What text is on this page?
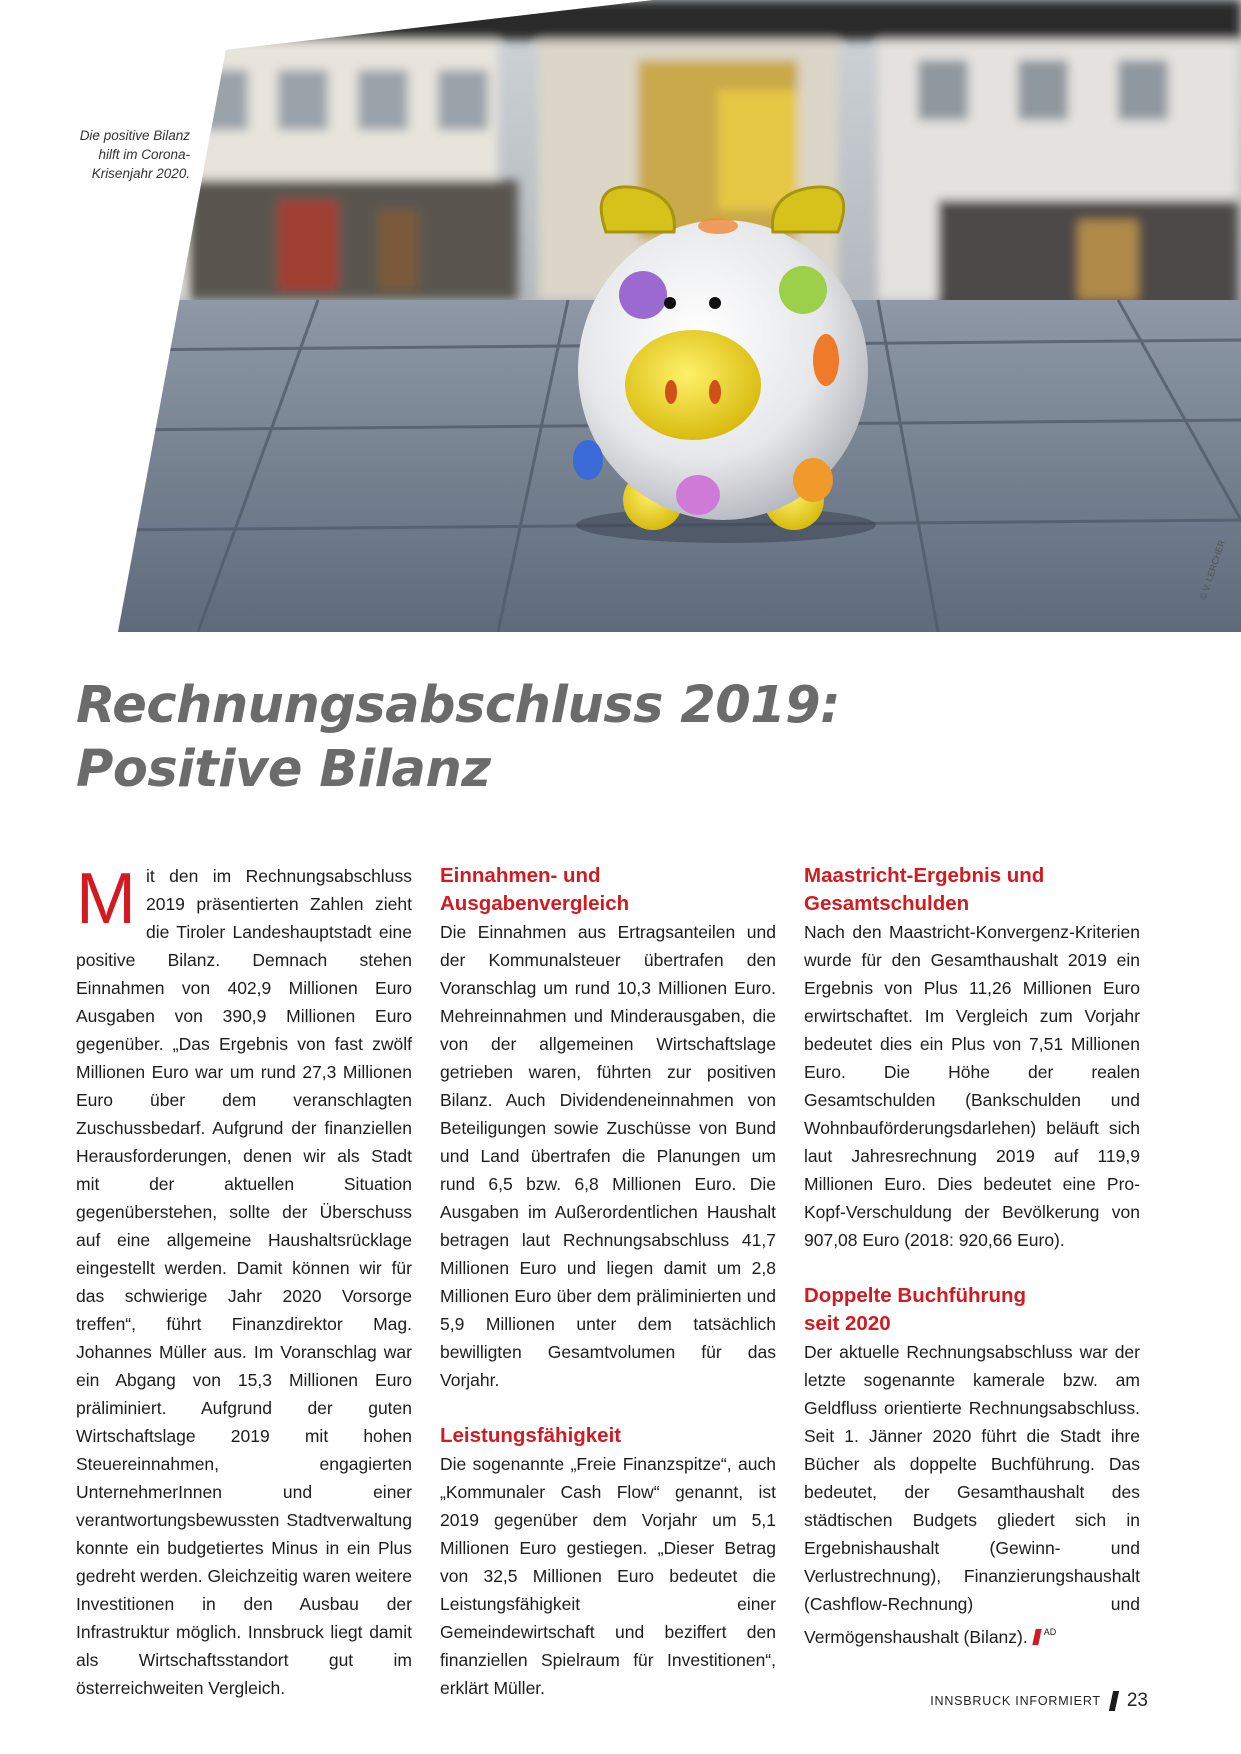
Die positive Bilanz
hilft im Corona-
Krisenjahr 2020.
© V. LERCHER
Rechnungsabschluss 2019:
Positive Bilanz

Mit den im Rechnungsabschluss 2019 präsentierten Zahlen zieht die Tiroler Landeshauptstadt eine positive Bilanz. Demnach stehen Einnahmen von 402,9 Millionen Euro Ausgaben von 390,9 Millionen Euro gegenüber. „Das Ergebnis von fast zwölf Millionen Euro war um rund 27,3 Millionen Euro über dem veranschlagten Zuschussbedarf. Aufgrund der finanziellen Herausforderungen, denen wir als Stadt mit der aktuellen Situation gegenüberstehen, sollte der Überschuss auf eine allgemeine Haushaltsrücklage eingestellt werden. Damit können wir für das schwierige Jahr 2020 Vorsorge treffen“, führt Finanzdirektor Mag. Johannes Müller aus. Im Voranschlag war ein Abgang von 15,3 Millionen Euro präliminiert. Aufgrund der guten Wirtschaftslage 2019 mit hohen Steuereinnahmen, engagierten UnternehmerInnen und einer verantwortungsbewussten Stadtverwaltung konnte ein budgetiertes Minus in ein Plus gedreht werden. Gleichzeitig waren weitere Investitionen in den Ausbau der Infrastruktur möglich. Innsbruck liegt damit als Wirtschaftsstandort gut im österreichweiten Vergleich.

Einnahmen- und
Ausgabenvergleich

Die Einnahmen aus Ertragsanteilen und der Kommunalsteuer übertrafen den Voranschlag um rund 10,3 Millionen Euro. Mehreinnahmen und Minderausgaben, die von der allgemeinen Wirtschaftslage getrieben waren, führten zur positiven Bilanz. Auch Dividendeneinnahmen von Beteiligungen sowie Zuschüsse von Bund und Land übertrafen die Planungen um rund 6,5 bzw. 6,8 Millionen Euro. Die Ausgaben im Außerordentlichen Haushalt betragen laut Rechnungsabschluss 41,7 Millionen Euro und liegen damit um 2,8 Millionen Euro über dem präliminierten und 5,9 Millionen unter dem tatsächlich bewilligten Gesamtvolumen für das Vorjahr.

Leistungsfähigkeit

Die sogenannte „Freie Finanzspitze“, auch „Kommunaler Cash Flow“ genannt, ist 2019 gegenüber dem Vorjahr um 5,1 Millionen Euro gestiegen. „Dieser Betrag von 32,5 Millionen Euro bedeutet die Leistungsfähigkeit einer Gemeindewirtschaft und beziffert den finanziellen Spielraum für Investitionen“, erklärt Müller.

Maastricht-Ergebnis und
Gesamtschulden

Nach den Maastricht-Konvergenz-Kriterien wurde für den Gesamthaushalt 2019 ein Ergebnis von Plus 11,26 Millionen Euro erwirtschaftet. Im Vergleich zum Vorjahr bedeutet dies ein Plus von 7,51 Millionen Euro. Die Höhe der realen Gesamtschulden (Bankschulden und Wohnbauförderungsdarlehen) beläuft sich laut Jahresrechnung 2019 auf 119,9 Millionen Euro. Dies bedeutet eine Pro-Kopf-Verschuldung der Bevölkerung von 907,08 Euro (2018: 920,66 Euro).

Doppelte Buchführung
seit 2020

Der aktuelle Rechnungsabschluss war der letzte sogenannte kamerale bzw. am Geldfluss orientierte Rechnungsabschluss. Seit 1. Jänner 2020 führt die Stadt ihre Bücher als doppelte Buchführung. Das bedeutet, der Gesamthaushalt des städtischen Budgets gliedert sich in Ergebnishaushalt (Gewinn- und Verlustrechnung), Finanzierungshaushalt (Cashflow-Rechnung) und Vermögenshaushalt (Bilanz). $^{AD}$

INNSBRUCK INFORMIERT 23
